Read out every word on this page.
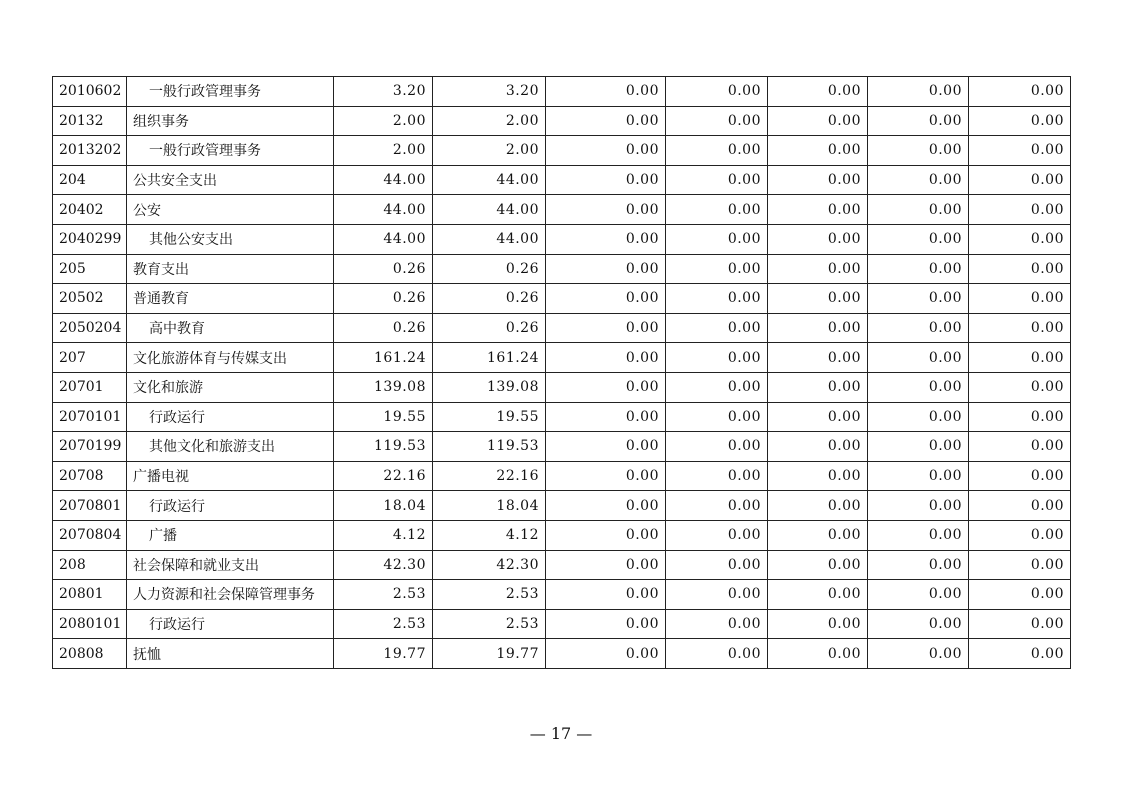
2010602	一般行政管理事务	3.20	3.20	0.00	0.00	0.00	0.00	0.00
20132	组织事务	2.00	2.00	0.00	0.00	0.00	0.00	0.00
2013202	一般行政管理事务	2.00	2.00	0.00	0.00	0.00	0.00	0.00
204	公共安全支出	44.00	44.00	0.00	0.00	0.00	0.00	0.00
20402	公安	44.00	44.00	0.00	0.00	0.00	0.00	0.00
2040299	其他公安支出	44.00	44.00	0.00	0.00	0.00	0.00	0.00
205	教育支出	0.26	0.26	0.00	0.00	0.00	0.00	0.00
20502	普通教育	0.26	0.26	0.00	0.00	0.00	0.00	0.00
2050204	高中教育	0.26	0.26	0.00	0.00	0.00	0.00	0.00
207	文化旅游体育与传媒支出	161.24	161.24	0.00	0.00	0.00	0.00	0.00
20701	文化和旅游	139.08	139.08	0.00	0.00	0.00	0.00	0.00
2070101	行政运行	19.55	19.55	0.00	0.00	0.00	0.00	0.00
2070199	其他文化和旅游支出	119.53	119.53	0.00	0.00	0.00	0.00	0.00
20708	广播电视	22.16	22.16	0.00	0.00	0.00	0.00	0.00
2070801	行政运行	18.04	18.04	0.00	0.00	0.00	0.00	0.00
2070804	广播	4.12	4.12	0.00	0.00	0.00	0.00	0.00
208	社会保障和就业支出	42.30	42.30	0.00	0.00	0.00	0.00	0.00
20801	人力资源和社会保障管理事务	2.53	2.53	0.00	0.00	0.00	0.00	0.00
2080101	行政运行	2.53	2.53	0.00	0.00	0.00	0.00	0.00
20808	抚恤	19.77	19.77	0.00	0.00	0.00	0.00	0.00
— 17 —
